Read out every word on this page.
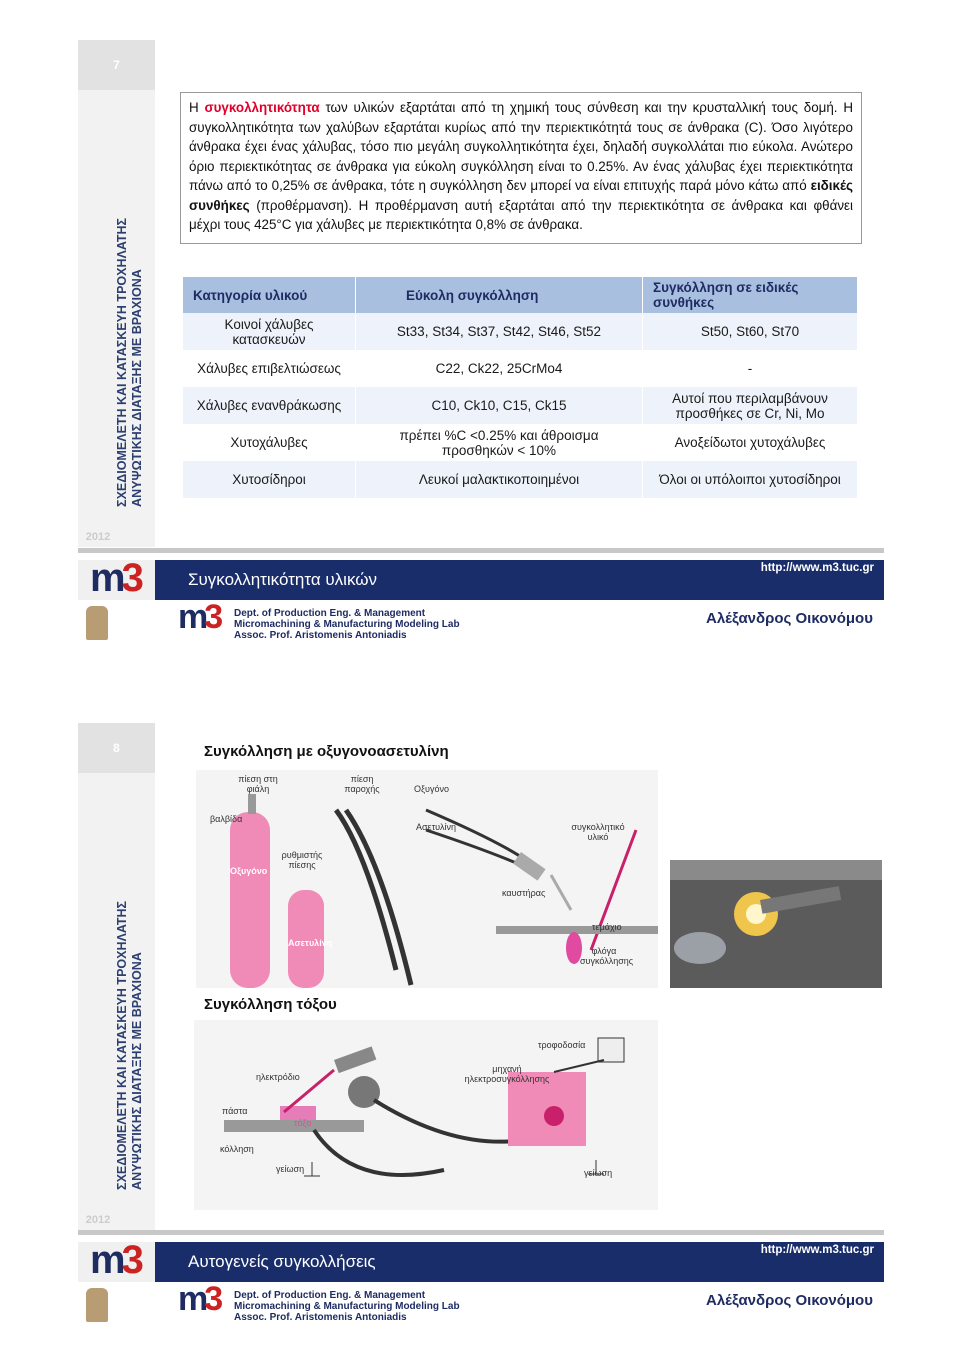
7
ΣΧΕΔΙΟΜΕΛΕΤΗ ΚΑΙ ΚΑΤΑΣΚΕΥΗ ΤΡΟΧΗΛΑΤΗΣ ΑΝΥΨΩΤΙΚΗΣ ΔΙΑΤΑΞΗΣ ΜΕ ΒΡΑΧΙΟΝΑ
2012
Η συγκολλητικότητα των υλικών εξαρτάται από τη χημική τους σύνθεση και την κρυσταλλική τους δομή. Η συγκολλητικότητα των χαλύβων εξαρτάται κυρίως από την περιεκτικότητά τους σε άνθρακα (C). Όσο λιγότερο άνθρακα έχει ένας χάλυβας, τόσο πιο μεγάλη συγκολλητικότητα έχει, δηλαδή συγκολλάται πιο εύκολα. Ανώτερο όριο περιεκτικότητας σε άνθρακα για εύκολη συγκόλληση είναι το 0.25%. Αν ένας χάλυβας έχει περιεκτικότητα πάνω από το 0,25% σε άνθρακα, τότε η συγκόλληση δεν μπορεί να είναι επιτυχής παρά μόνο κάτω από ειδικές συνθήκες (προθέρμανση). Η προθέρμανση αυτή εξαρτάται από την περιεκτικότητα σε άνθρακα και φθάνει μέχρι τους 425°C για χάλυβες με περιεκτικότητα 0,8% σε άνθρακα.
Κατηγορία υλικού	Εύκολη συγκόλληση	Συγκόλληση σε ειδικές συνθήκες
Κοινοί χάλυβες κατασκευών	St33, St34, St37, St42, St46, St52	St50, St60, St70
Χάλυβες επιβελτιώσεως	C22, Ck22, 25CrMo4	-
Χάλυβες ενανθράκωσης	C10, Ck10, C15, Ck15	Αυτοί που περιλαμβάνουν προσθήκες σε Cr, Ni, Mo
Χυτοχάλυβες	πρέπει %C <0.25% και άθροισμα προσθηκών < 10%	Ανοξείδωτοι χυτοχάλυβες
Χυτοσίδηροι	Λευκοί μαλακτικοποιημένοι	Όλοι οι υπόλοιποι χυτοσίδηροι
Συγκολλητικότητα υλικών
http://www.m3.tuc.gr
m3
m3 Dept. of Production Eng. & Management
Micromachining & Manufacturing Modeling Lab
Assoc. Prof. Aristomenis Antoniadis
Αλέξανδρος Οικονόμου
8
ΣΧΕΔΙΟΜΕΛΕΤΗ ΚΑΙ ΚΑΤΑΣΚΕΥΗ ΤΡΟΧΗΛΑΤΗΣ ΑΝΥΨΩΤΙΚΗΣ ΔΙΑΤΑΞΗΣ ΜΕ ΒΡΑΧΙΟΝΑ
2012
Συγκόλληση με οξυγονοασετυλίνη
πίεση στη φιάλη
πίεση παροχής	Οξυγόνο
βαλβίδα
Ασετυλίνη
ρυθμιστής πίεσης
συγκολλητικό υλικό
Οξυγόνο
Ασετυλίνη
καυστήρας
τεμάχιο
φλόγα συγκόλλησης
Συγκόλληση τόξου
τροφοδοσία
ηλεκτρόδιο
μηχανή ηλεκτροσυγκόλλησης
πάστα
τόξο
κόλληση
γείωση	γείωση
Αυτογενείς συγκολλήσεις
http://www.m3.tuc.gr
m3
m3 Dept. of Production Eng. & Management
Micromachining & Manufacturing Modeling Lab
Assoc. Prof. Aristomenis Antoniadis
Αλέξανδρος Οικονόμου
